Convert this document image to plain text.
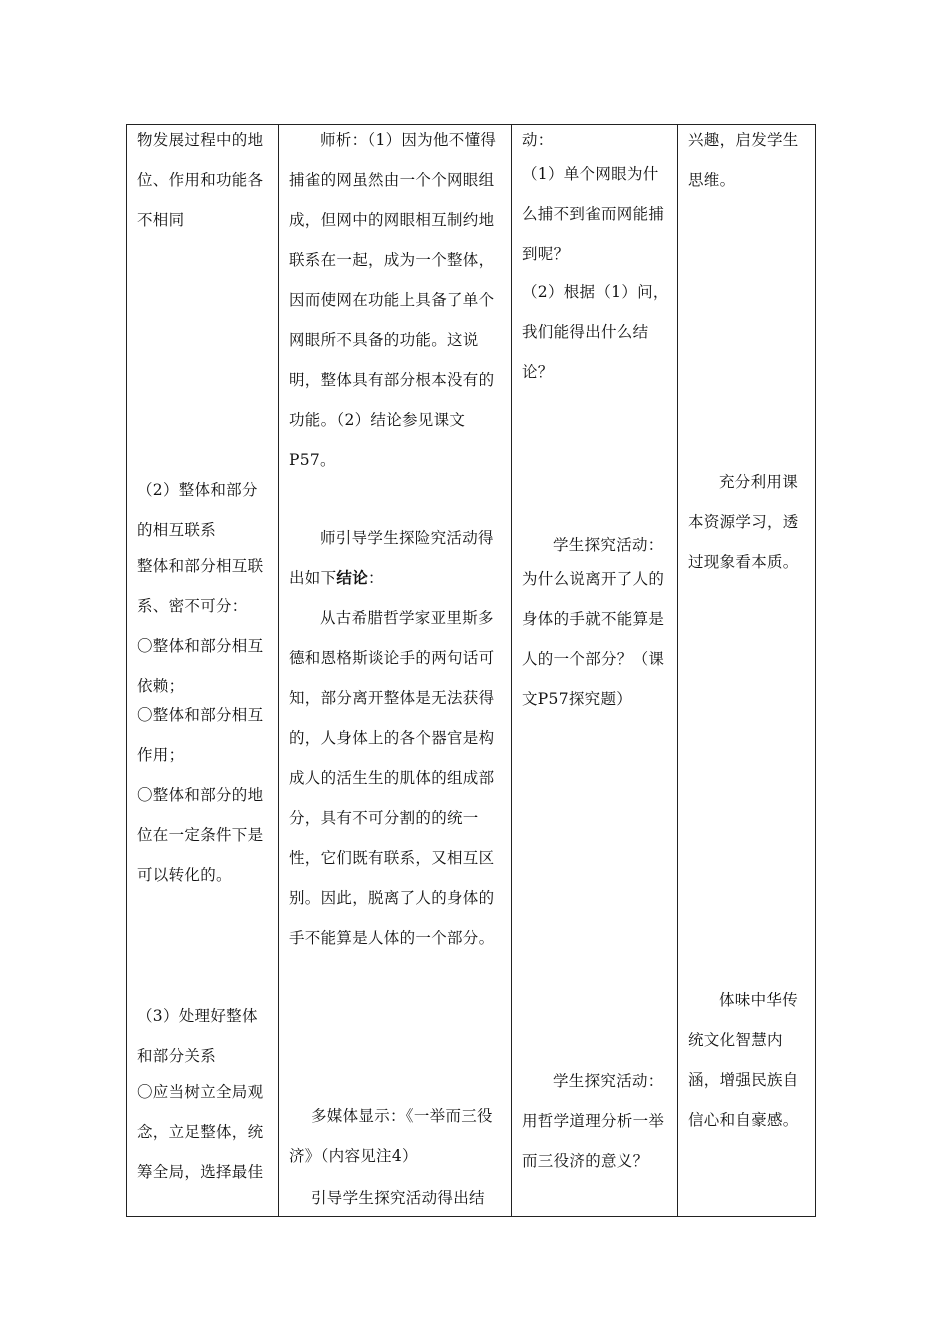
物发展过程中的地位、作用和功能各不相同
（2）整体和部分的相互联系
整体和部分相互联系、密不可分：
〇整体和部分相互依赖；
〇整体和部分相互作用；
〇整体和部分的地位在一定条件下是可以转化的。
（3）处理好整体和部分关系
〇应当树立全局观念，立足整体，统筹全局，选择最佳
师析：（1）因为他不懂得捕雀的网虽然由一个个网眼组成，但网中的网眼相互制约地联系在一起，成为一个整体，因而使网在功能上具备了单个网眼所不具备的功能。这说明，整体具有部分根本没有的功能。（2）结论参见课文P57。
师引导学生探险究活动得出如下结论：
从古希腊哲学家亚里斯多德和恩格斯谈论手的两句话可知，部分离开整体是无法获得的，人身体上的各个器官是构成人的活生生的肌体的组成部分，具有不可分割的的统一性，它们既有联系，又相互区别。因此，脱离了人的身体的手不能算是人体的一个部分。
多媒体显示：《一举而三役济》（内容见注4）
引导学生探究活动得出结
动：
（1）单个网眼为什么捕不到雀而网能捕到呢？
（2）根据（1）问，我们能得出什么结论？
学生探究活动：
为什么说离开了人的身体的手就不能算是人的一个部分？（课文P57探究题）
学生探究活动：
用哲学道理分析一举而三役济的意义？
兴趣，启发学生思维。
充分利用课本资源学习，透过现象看本质。
体味中华传统文化智慧内涵，增强民族自信心和自豪感。
